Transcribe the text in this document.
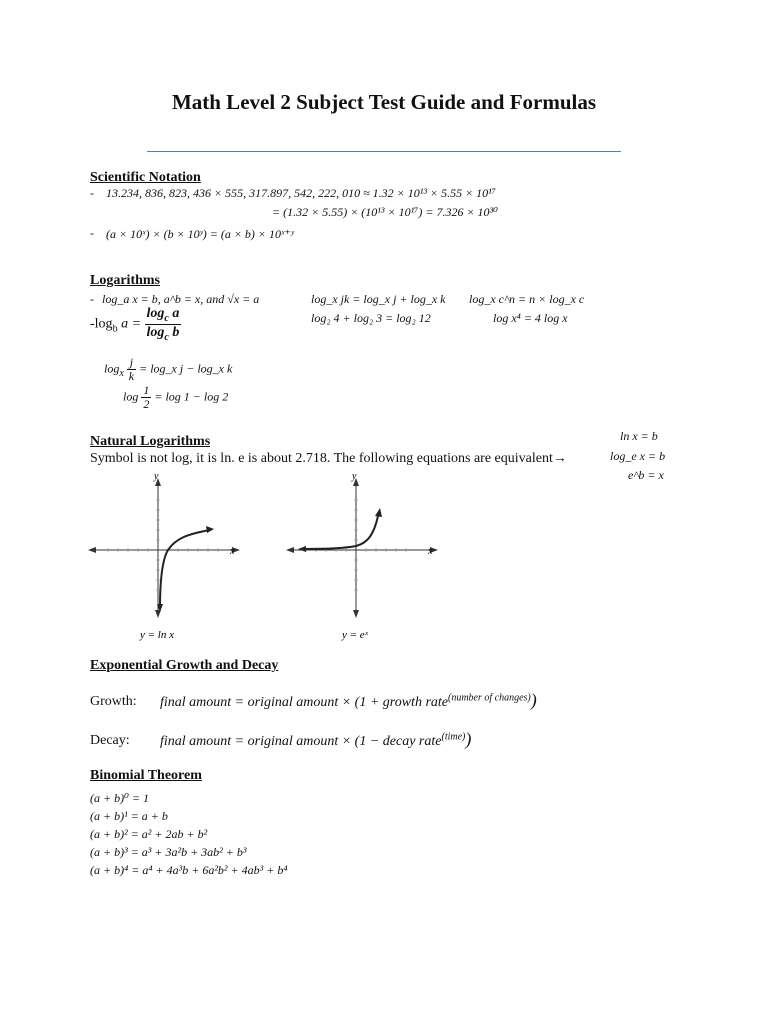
Math Level 2 Subject Test Guide and Formulas
Scientific Notation
- 13.234, 836, 823, 436 × 555, 317.897, 542, 222, 010 ≈ 1.32 × 10¹³ × 5.55 × 10¹⁷
= (1.32 × 5.55) × (10¹³ × 10¹⁷) = 7.326 × 10³⁰
- (a × 10ˣ) × (b × 10ʸ) = (a × b) × 10ˣ⁺ʸ
Logarithms
- log_a x = b, a^b = x, and √x = a	log_x jk = log_x j + log_x k log_x c^n = n × log_x c
log₂ 4 + log₂ 3 = log₂ 12	log x⁴ = 4 log x
$-\log_b$ $a = \frac{\log_c a}{\log_c b}$
$\log_x \frac{j}{k}$ = log_x j − log_x k
$\log \frac{1}{2} = \log 1 - \log 2$
Natural Logarithms
Symbol is not log, it is ln. e is about 2.718. The following equations are equivalent→
ln x = b
log_e x = b
e^b = x
y
x
y = ln x
y
x
y = eˣ
Exponential Growth and Decay
Growth: final amount = original amount × (1 + growth rate$^{(number of changes)}$)
Decay: final amount = original amount × (1 − decay rate$^{(time)}$)
Binomial Theorem
(a + b)⁰ = 1
(a + b)¹ = a + b
(a + b)² = a² + 2ab + b²
(a + b)³ = a³ + 3a²b + 3ab² + b³
(a + b)⁴ = a⁴ + 4a³b + 6a²b² + 4ab³ + b⁴
